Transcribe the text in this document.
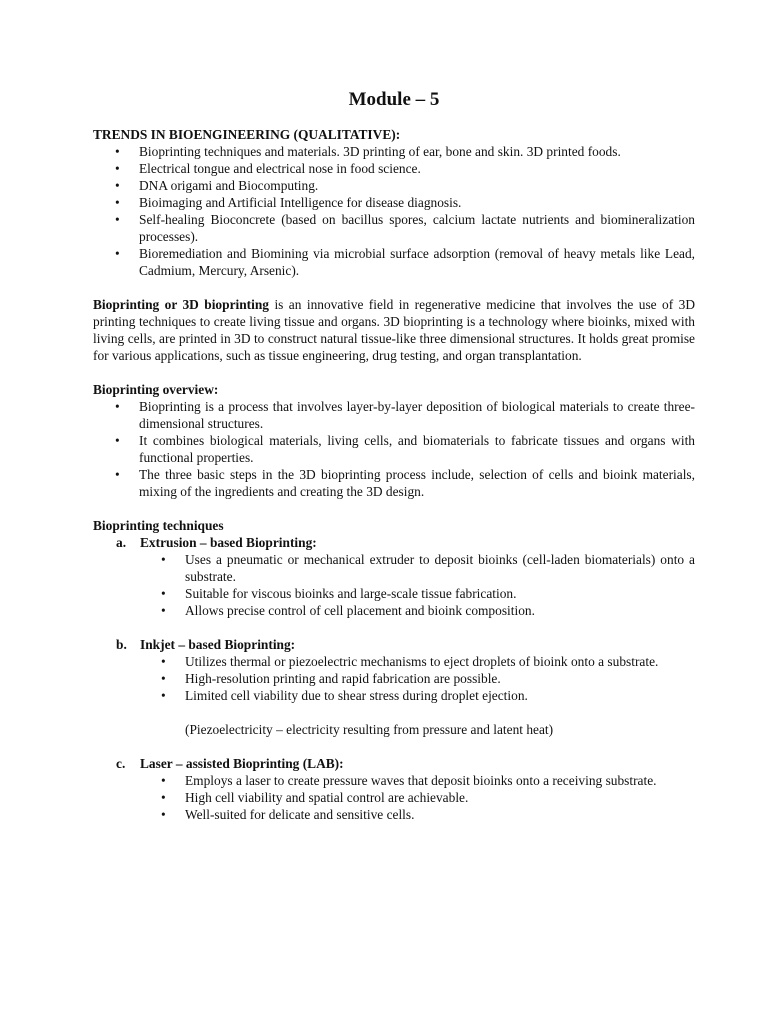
Module – 5
TRENDS IN BIOENGINEERING (QUALITATIVE):
• Bioprinting techniques and materials. 3D printing of ear, bone and skin. 3D printed foods.
• Electrical tongue and electrical nose in food science.
• DNA origami and Biocomputing.
• Bioimaging and Artificial Intelligence for disease diagnosis.
• Self-healing Bioconcrete (based on bacillus spores, calcium lactate nutrients and biomineralization processes).
• Bioremediation and Biomining via microbial surface adsorption (removal of heavy metals like Lead, Cadmium, Mercury, Arsenic).

Bioprinting or 3D bioprinting is an innovative field in regenerative medicine that involves the use of 3D printing techniques to create living tissue and organs. 3D bioprinting is a technology where bioinks, mixed with living cells, are printed in 3D to construct natural tissue-like three dimensional structures. It holds great promise for various applications, such as tissue engineering, drug testing, and organ transplantation.

Bioprinting overview:
• Bioprinting is a process that involves layer-by-layer deposition of biological materials to create three-dimensional structures.
• It combines biological materials, living cells, and biomaterials to fabricate tissues and organs with functional properties.
• The three basic steps in the 3D bioprinting process include, selection of cells and bioink materials, mixing of the ingredients and creating the 3D design.
Bioprinting techniques
a. Extrusion – based Bioprinting:
• Uses a pneumatic or mechanical extruder to deposit bioinks (cell-laden biomaterials) onto a substrate.
• Suitable for viscous bioinks and large-scale tissue fabrication.
• Allows precise control of cell placement and bioink composition.
b. Inkjet – based Bioprinting:
• Utilizes thermal or piezoelectric mechanisms to eject droplets of bioink onto a substrate.
• High-resolution printing and rapid fabrication are possible.
• Limited cell viability due to shear stress during droplet ejection.
(Piezoelectricity – electricity resulting from pressure and latent heat)
c. Laser – assisted Bioprinting (LAB):
• Employs a laser to create pressure waves that deposit bioinks onto a receiving substrate.
• High cell viability and spatial control are achievable.
• Well-suited for delicate and sensitive cells.
